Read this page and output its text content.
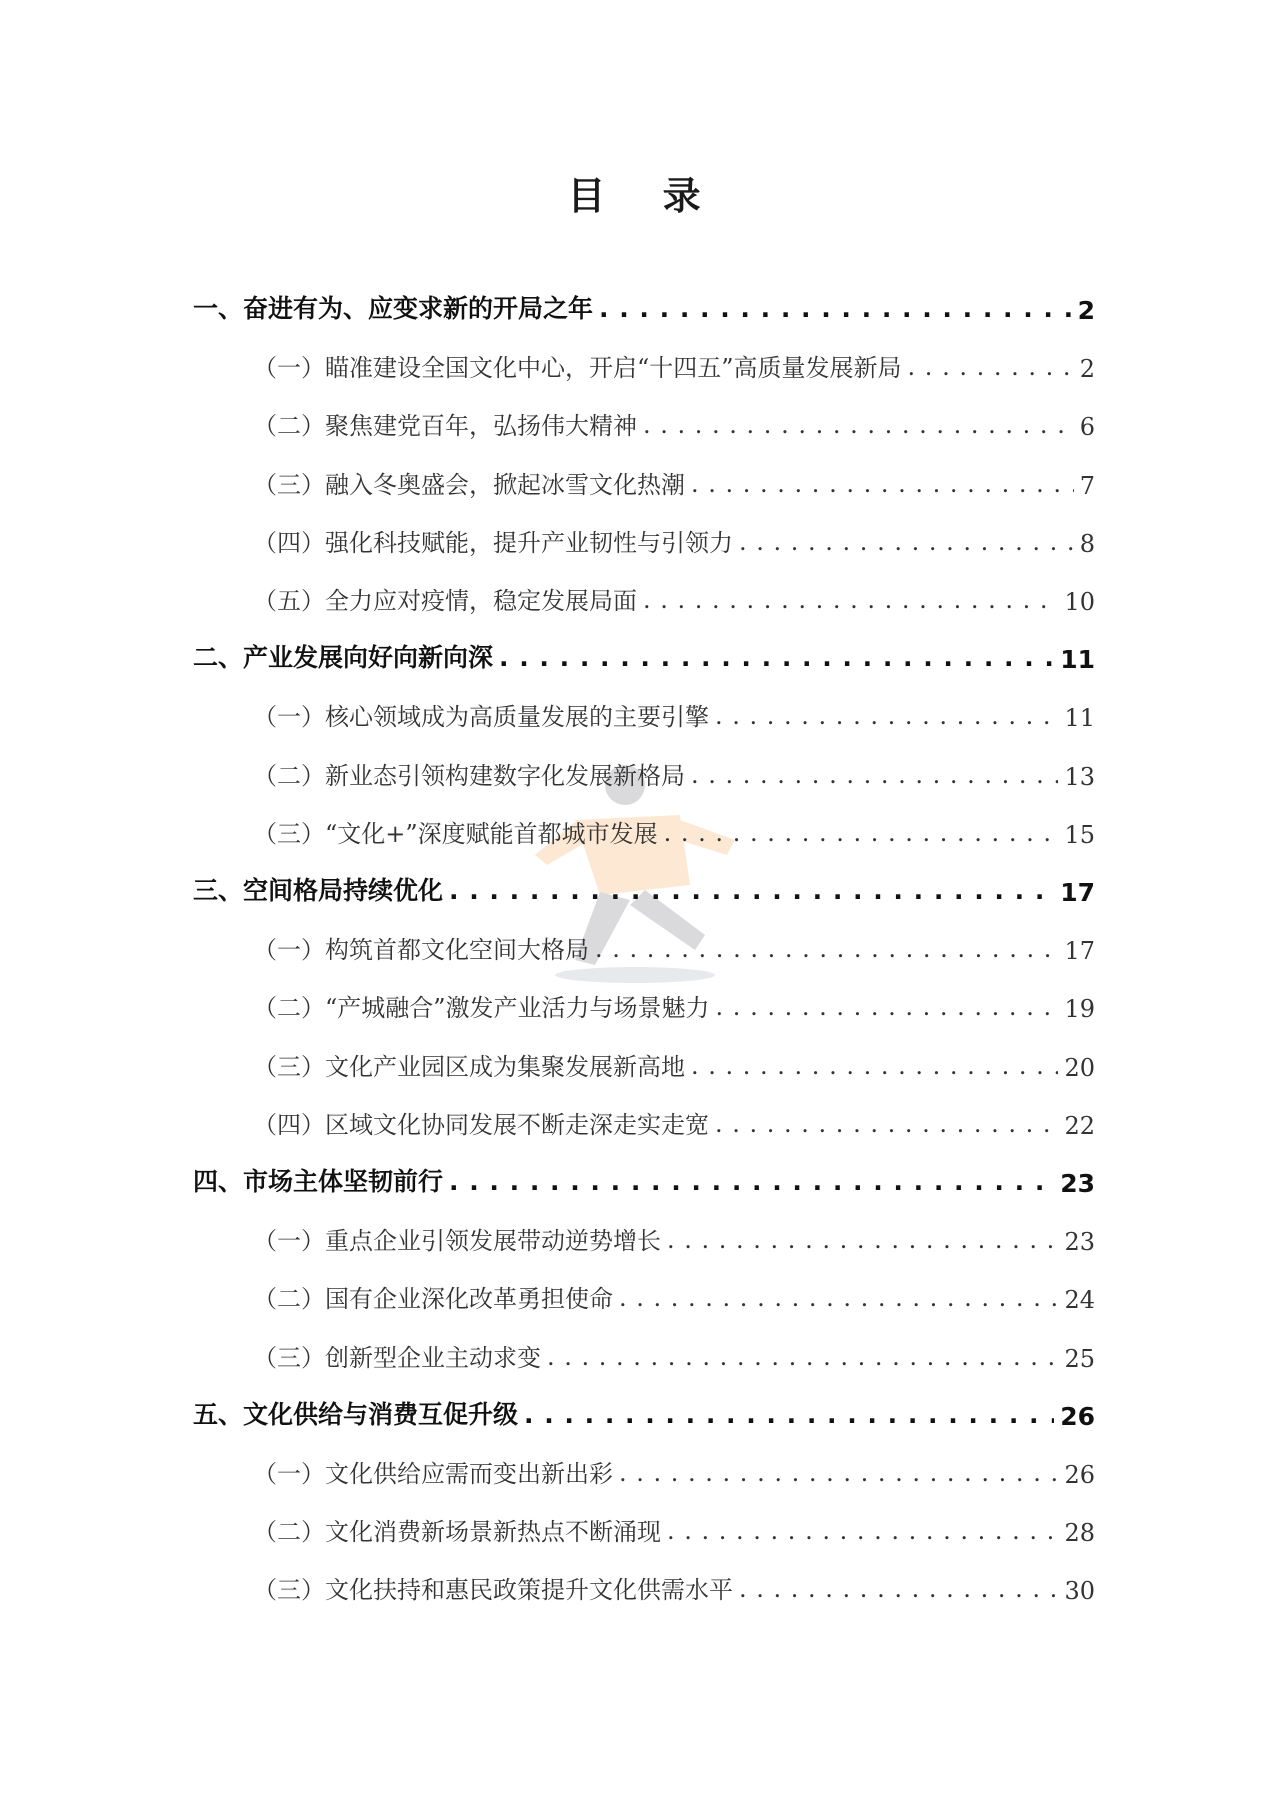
目 录
一、奋进有为、应变求新的开局之年 . . .	2
（一）瞄准建设全国文化中心，开启“十四五”高质量发展新局 . . .	2
（二）聚焦建党百年，弘扬伟大精神 . . .	6
（三）融入冬奥盛会，掀起冰雪文化热潮 . . .	7
（四）强化科技赋能，提升产业韧性与引领力 . . .	8
（五）全力应对疫情，稳定发展局面 . . .	10
二、产业发展向好向新向深 . . .	11
（一）核心领域成为高质量发展的主要引擎 . . .	11
（二）新业态引领构建数字化发展新格局 . . .	13
（三）“文化+”深度赋能首都城市发展 . . .	15
三、空间格局持续优化 . . .	17
（一）构筑首都文化空间大格局 . . .	17
（二）“产城融合”激发产业活力与场景魅力 . . .	19
（三）文化产业园区成为集聚发展新高地 . . .	20
（四）区域文化协同发展不断走深走实走宽 . . .	22
四、市场主体坚韧前行 . . .	23
（一）重点企业引领发展带动逆势增长 . . .	23
（二）国有企业深化改革勇担使命 . . .	24
（三）创新型企业主动求变 . . .	25
五、文化供给与消费互促升级 . . .	26
（一）文化供给应需而变出新出彩 . . .	26
（二）文化消费新场景新热点不断涌现 . . .	28
（三）文化扶持和惠民政策提升文化供需水平 . . .	30
